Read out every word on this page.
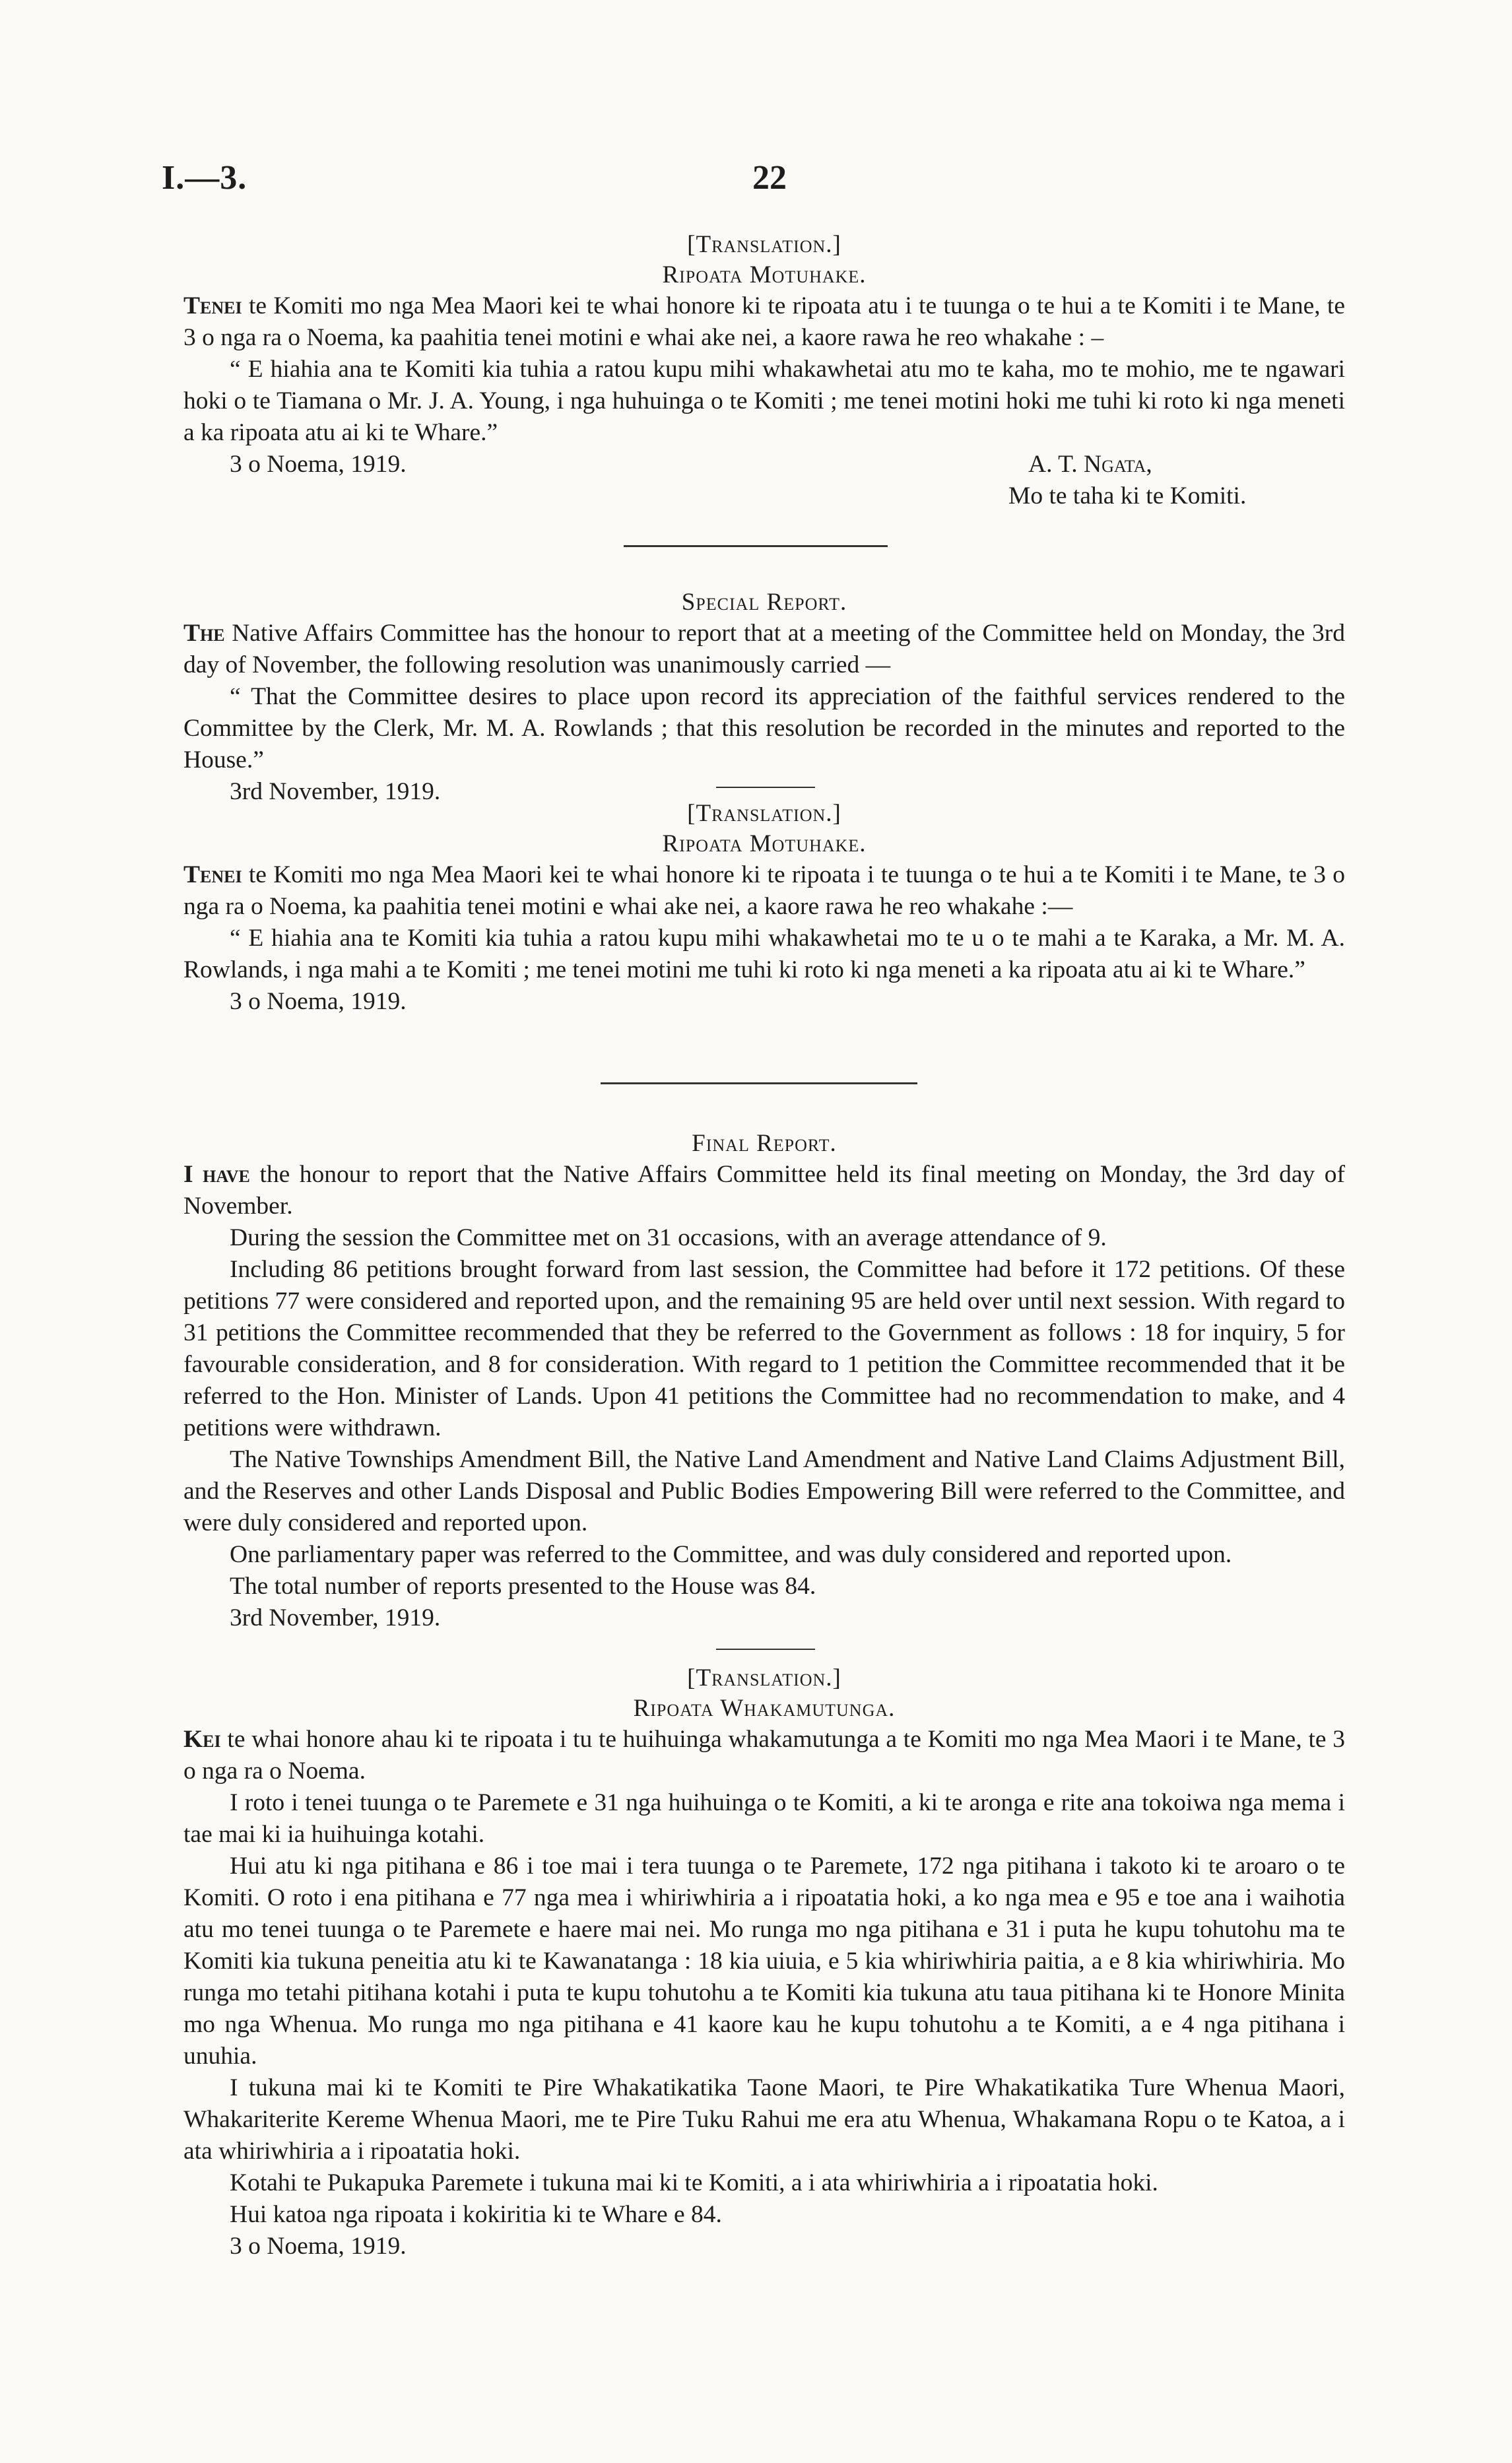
I.—3.	22

[Translation.]

Ripoata Motuhake.

Tenei te Komiti mo nga Mea Maori kei te whai honore ki te ripoata atu i te tuunga o te hui a te Komiti i te Mane, te 3 o nga ra o Noema, ka paahitia tenei motini e whai ake nei, a kaore rawa he reo whakahe : –

“ E hiahia ana te Komiti kia tuhia a ratou kupu mihi whakawhetai atu mo te kaha, mo te mohio, me te ngawari hoki o te Tiamana o Mr. J. A. Young, i nga huhuinga o te Komiti ; me tenei motini hoki me tuhi ki roto ki nga meneti a ka ripoata atu ai ki te Whare.”

3 o Noema, 1919.	A. T. Ngata,

Mo te taha ki te Komiti.

Special Report.

The Native Affairs Committee has the honour to report that at a meeting of the Committee held on Monday, the 3rd day of November, the following resolution was unanimously carried —

“ That the Committee desires to place upon record its appreciation of the faithful services rendered to the Committee by the Clerk, Mr. M. A. Rowlands ; that this resolution be recorded in the minutes and reported to the House.”

3rd November, 1919.

[Translation.]

Ripoata Motuhake.

Tenei te Komiti mo nga Mea Maori kei te whai honore ki te ripoata i te tuunga o te hui a te Komiti i te Mane, te 3 o nga ra o Noema, ka paahitia tenei motini e whai ake nei, a kaore rawa he reo whakahe :—

“ E hiahia ana te Komiti kia tuhia a ratou kupu mihi whakawhetai mo te u o te mahi a te Karaka, a Mr. M. A. Rowlands, i nga mahi a te Komiti ; me tenei motini me tuhi ki roto ki nga meneti a ka ripoata atu ai ki te Whare.”

3 o Noema, 1919.

Final Report.

I have the honour to report that the Native Affairs Committee held its final meeting on Monday, the 3rd day of November.

During the session the Committee met on 31 occasions, with an average attendance of 9.

Including 86 petitions brought forward from last session, the Committee had before it 172 petitions. Of these petitions 77 were considered and reported upon, and the remaining 95 are held over until next session. With regard to 31 petitions the Committee recommended that they be referred to the Government as follows : 18 for inquiry, 5 for favourable consideration, and 8 for consideration. With regard to 1 petition the Committee recommended that it be referred to the Hon. Minister of Lands. Upon 41 petitions the Committee had no recommendation to make, and 4 petitions were withdrawn.

The Native Townships Amendment Bill, the Native Land Amendment and Native Land Claims Adjustment Bill, and the Reserves and other Lands Disposal and Public Bodies Empowering Bill were referred to the Committee, and were duly considered and reported upon.

One parliamentary paper was referred to the Committee, and was duly considered and reported upon.

The total number of reports presented to the House was 84.

3rd November, 1919.

[Translation.]

Ripoata Whakamutunga.

Kei te whai honore ahau ki te ripoata i tu te huihuinga whakamutunga a te Komiti mo nga Mea Maori i te Mane, te 3 o nga ra o Noema.

I roto i tenei tuunga o te Paremete e 31 nga huihuinga o te Komiti, a ki te aronga e rite ana tokoiwa nga mema i tae mai ki ia huihuinga kotahi.

Hui atu ki nga pitihana e 86 i toe mai i tera tuunga o te Paremete, 172 nga pitihana i takoto ki te aroaro o te Komiti. O roto i ena pitihana e 77 nga mea i whiriwhiria a i ripoatatia hoki, a ko nga mea e 95 e toe ana i waihotia atu mo tenei tuunga o te Paremete e haere mai nei. Mo runga mo nga pitihana e 31 i puta he kupu tohutohu ma te Komiti kia tukuna peneitia atu ki te Kawanatanga : 18 kia uiuia, e 5 kia whiriwhiria paitia, a e 8 kia whiriwhiria. Mo runga mo tetahi pitihana kotahi i puta te kupu tohutohu a te Komiti kia tukuna atu taua pitihana ki te Honore Minita mo nga Whenua. Mo runga mo nga pitihana e 41 kaore kau he kupu tohutohu a te Komiti, a e 4 nga pitihana i unuhia.

I tukuna mai ki te Komiti te Pire Whakatikatika Taone Maori, te Pire Whakatikatika Ture Whenua Maori, Whakariterite Kereme Whenua Maori, me te Pire Tuku Rahui me era atu Whenua, Whakamana Ropu o te Katoa, a i ata whiriwhiria a i ripoatatia hoki.

Kotahi te Pukapuka Paremete i tukuna mai ki te Komiti, a i ata whiriwhiria a i ripoatatia hoki.

Hui katoa nga ripoata i kokiritia ki te Whare e 84.

3 o Noema, 1919.
